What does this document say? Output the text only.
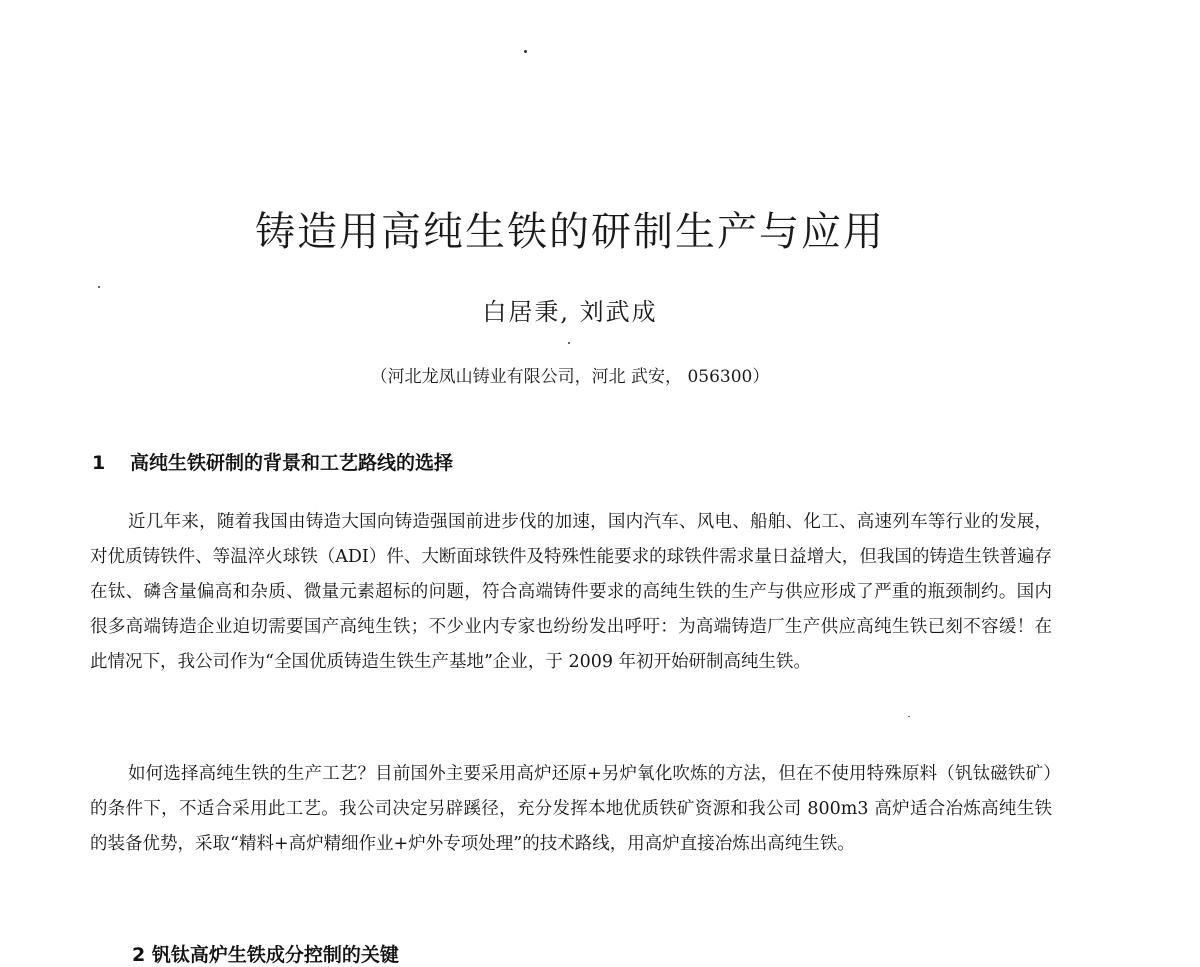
铸造用高纯生铁的研制生产与应用
白居秉, 刘武成
（河北龙凤山铸业有限公司，河北 武安， 056300）
1 高纯生铁研制的背景和工艺路线的选择

近几年来，随着我国由铸造大国向铸造强国前进步伐的加速，国内汽车、风电、船舶、化工、高速列车等行业的发展，对优质铸铁件、等温淬火球铁（ADI）件、大断面球铁件及特殊性能要求的球铁件需求量日益增大，但我国的铸造生铁普遍存在钛、磷含量偏高和杂质、微量元素超标的问题，符合高端铸件要求的高纯生铁的生产与供应形成了严重的瓶颈制约。国内很多高端铸造企业迫切需要国产高纯生铁；不少业内专家也纷纷发出呼吁：为高端铸造厂生产供应高纯生铁已刻不容缓！在此情况下，我公司作为“全国优质铸造生铁生产基地”企业，于 2009 年初开始研制高纯生铁。

如何选择高纯生铁的生产工艺？目前国外主要采用高炉还原+另炉氧化吹炼的方法，但在不使用特殊原料（钒钛磁铁矿）的条件下，不适合采用此工艺。我公司决定另辟蹊径，充分发挥本地优质铁矿资源和我公司 800m3 高炉适合冶炼高纯生铁的装备优势，采取“精料+高炉精细作业+炉外专项处理”的技术路线，用高炉直接冶炼出高纯生铁。

2 钒钛高炉生铁成分控制的关键
